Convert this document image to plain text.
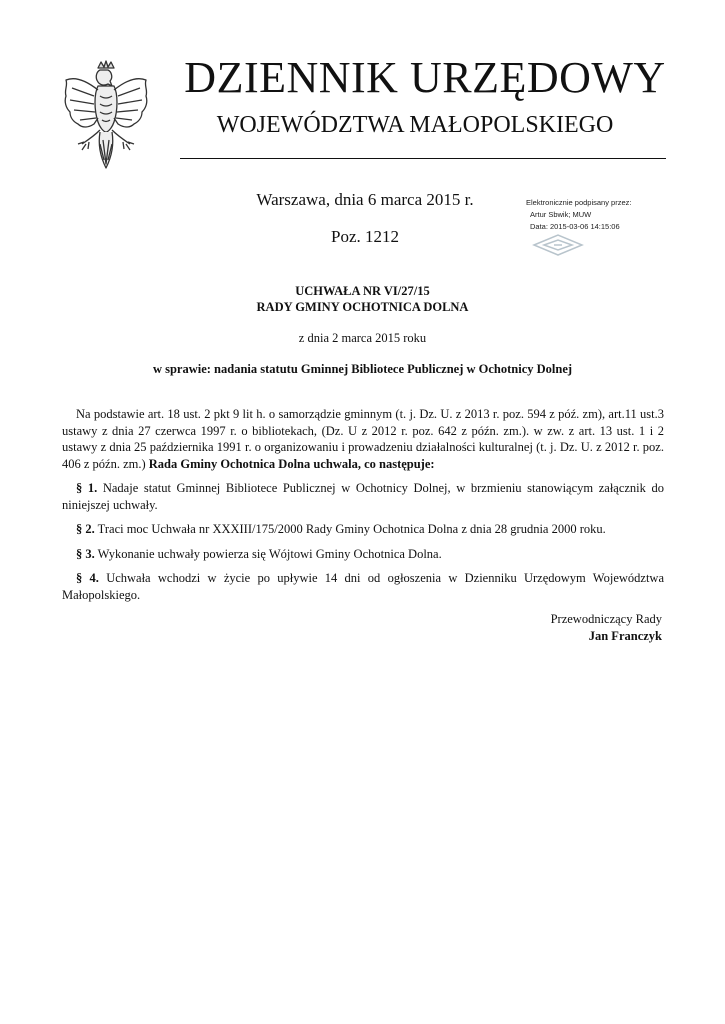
DZIENNIK URZĘDOWY
WOJEWÓDZTWA MAŁOPOLSKIEGO
Warszawa, dnia 6 marca 2015 r.
Poz. 1212
Elektronicznie podpisany przez:
Artur Sbwik; MUW
Data: 2015-03-06 14:15:06
UCHWAŁA NR VI/27/15
RADY GMINY OCHOTNICA DOLNA
z dnia 2 marca 2015 roku
w sprawie: nadania statutu Gminnej Bibliotece Publicznej w Ochotnicy Dolnej

Na podstawie art. 18 ust. 2 pkt 9 lit h. o samorządzie gminnym (t. j. Dz. U. z 2013 r. poz. 594 z póź. zm), art.11 ust.3 ustawy z dnia 27 czerwca 1997 r. o bibliotekach, (Dz. U z 2012 r. poz. 642 z późn. zm.). w zw. z art. 13 ust. 1 i 2 ustawy z dnia 25 października 1991 r. o organizowaniu i prowadzeniu działalności kulturalnej (t. j. Dz. U. z 2012 r. poz. 406 z późn. zm.) Rada Gminy Ochotnica Dolna uchwala, co następuje:

§ 1. Nadaje statut Gminnej Bibliotece Publicznej w Ochotnicy Dolnej, w brzmieniu stanowiącym załącznik do niniejszej uchwały.

§ 2. Traci moc Uchwała nr XXXIII/175/2000 Rady Gminy Ochotnica Dolna z dnia 28 grudnia 2000 roku.

§ 3. Wykonanie uchwały powierza się Wójtowi Gminy Ochotnica Dolna.

§ 4. Uchwała wchodzi w życie po upływie 14 dni od ogłoszenia w Dzienniku Urzędowym Województwa Małopolskiego.

Przewodniczący Rady
Jan Franczyk
